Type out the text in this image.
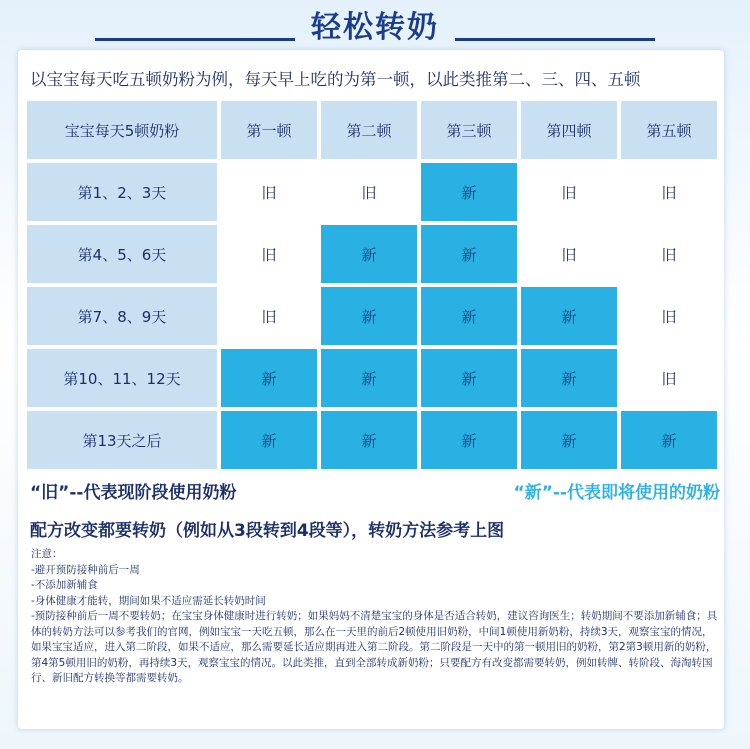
轻松转奶
以宝宝每天吃五顿奶粉为例，每天早上吃的为第一顿，以此类推第二、三、四、五顿
宝宝每天5顿奶粉	第一顿	第二顿	第三顿	第四顿	第五顿
第1、2、3天	旧	旧	新	旧	旧
第4、5、6天	旧	新	新	旧	旧
第7、8、9天	旧	新	新	新	旧
第10、11、12天	新	新	新	新	旧
第13天之后	新	新	新	新	新
“旧”--代表现阶段使用奶粉	“新”--代表即将使用的奶粉
配方改变都要转奶（例如从3段转到4段等），转奶方法参考上图
注意：
-避开预防接种前后一周
-不添加新辅食
-身体健康才能转，期间如果不适应需延长转奶时间
-预防接种前后一周不要转奶；在宝宝身体健康时进行转奶；如果妈妈不清楚宝宝的身体是否适合转奶，建议咨询医生；转奶期间不要添加新辅食；具体的转奶方法可以参考我们的官网，例如宝宝一天吃五顿，那么在一天里的前后2顿使用旧奶粉，中间1顿使用新奶粉，持续3天，观察宝宝的情况，如果宝宝适应，进入第二阶段，如果不适应，那么需要延长适应期再进入第二阶段。第二阶段是一天中的第一顿用旧的奶粉，第2第3顿用新的奶粉，第4第5顿用旧的奶粉，再持续3天，观察宝宝的情况。以此类推，直到全部转成新奶粉；只要配方有改变都需要转奶，例如转牌、转阶段、海淘转国行、新旧配方转换等都需要转奶。
